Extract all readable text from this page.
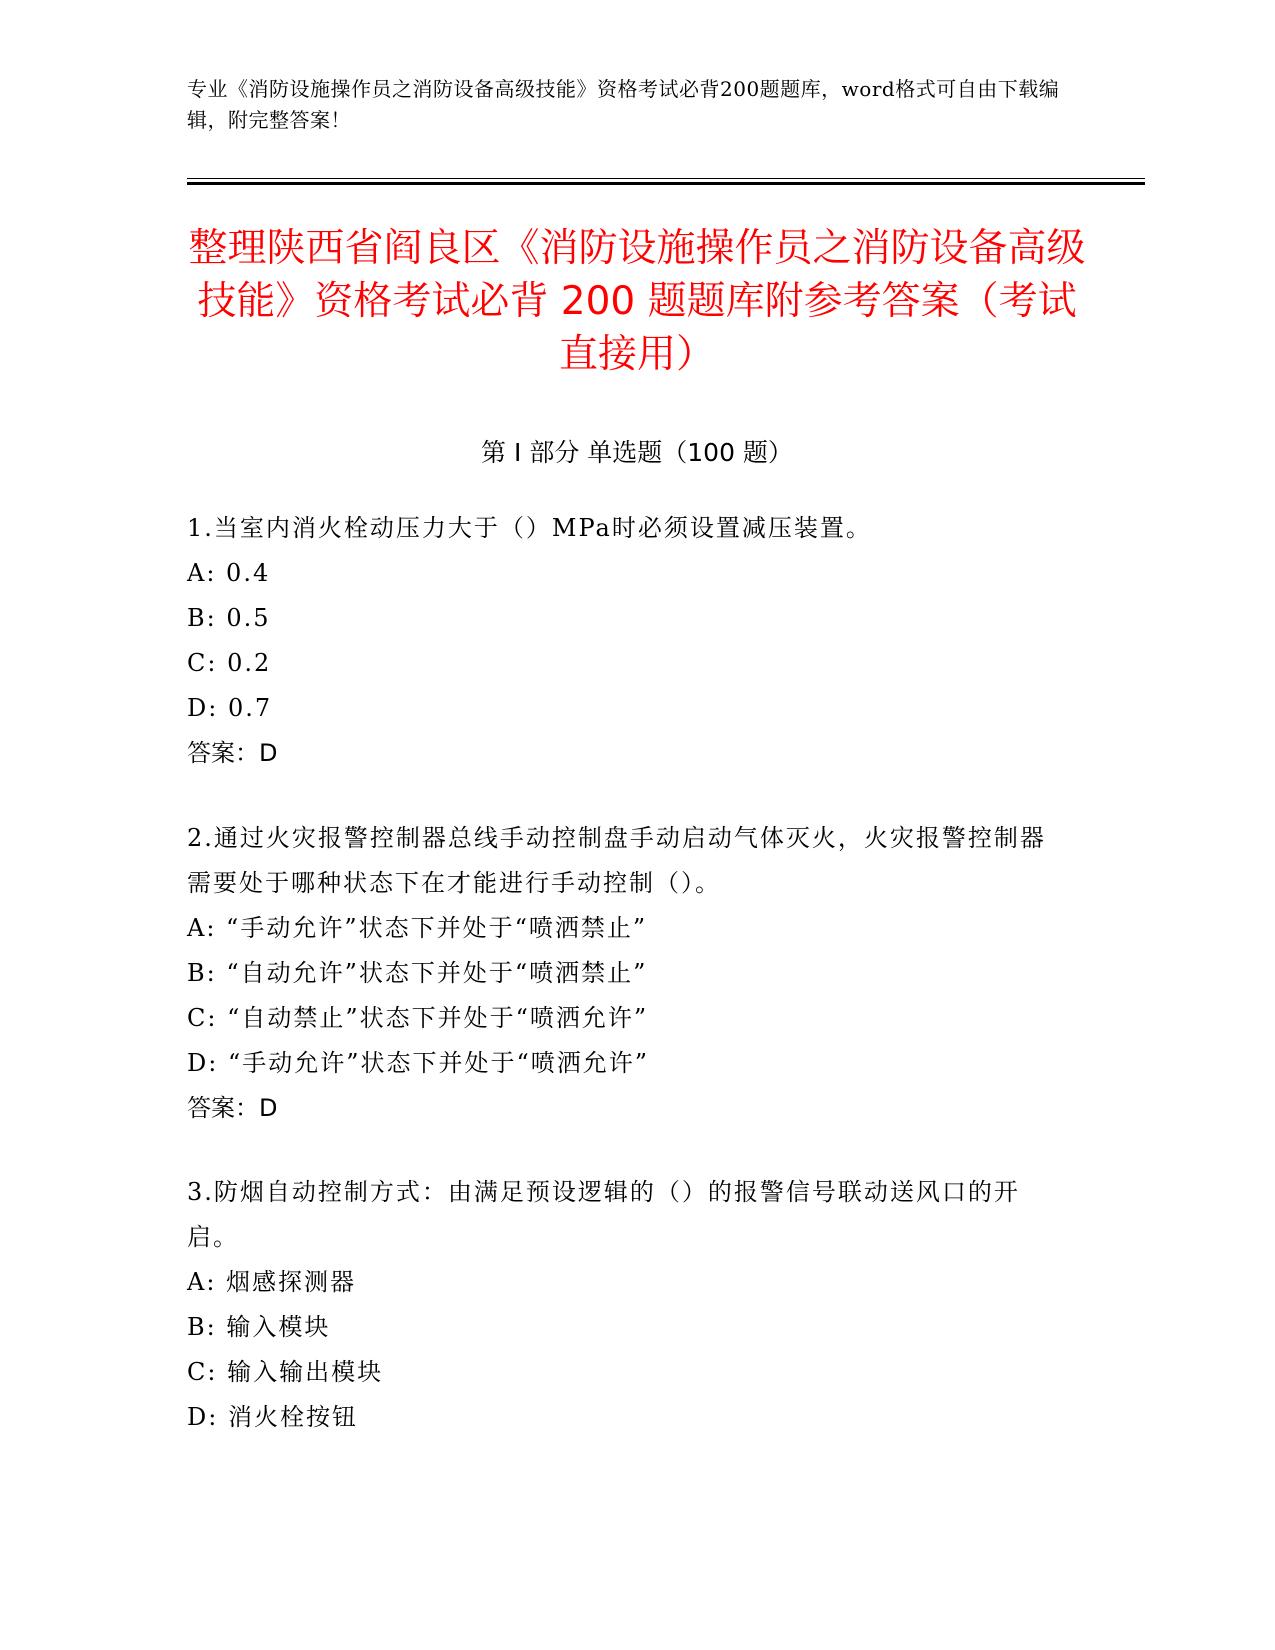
专业《消防设施操作员之消防设备高级技能》资格考试必背200题题库，word格式可自由下载编辑，附完整答案！
整理陕西省阎良区《消防设施操作员之消防设备高级技能》资格考试必背 200 题题库附参考答案（考试直接用）
第 I 部分 单选题（100 题）
1.当室内消火栓动压力大于（）MPa时必须设置减压装置。
A: 0.4
B: 0.5
C: 0.2
D: 0.7
答案：D
2.通过火灾报警控制器总线手动控制盘手动启动气体灭火，火灾报警控制器需要处于哪种状态下在才能进行手动控制（）。
A: “手动允许”状态下并处于“喷洒禁止”
B: “自动允许”状态下并处于“喷洒禁止”
C: “自动禁止”状态下并处于“喷洒允许”
D: “手动允许”状态下并处于“喷洒允许”
答案：D
3.防烟自动控制方式：由满足预设逻辑的（）的报警信号联动送风口的开启。
A: 烟感探测器
B: 输入模块
C: 输入输出模块
D: 消火栓按钮
